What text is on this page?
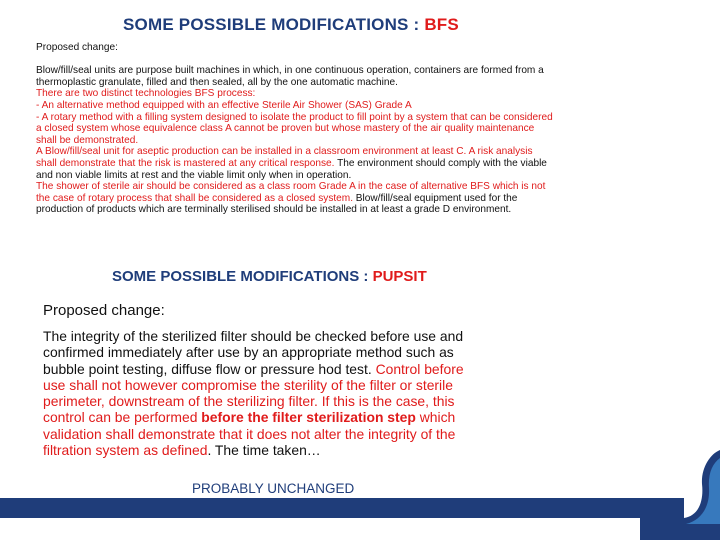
SOME POSSIBLE MODIFICATIONS : BFS

Proposed change:

Blow/fill/seal units are purpose built machines in which, in one continuous operation, containers are formed from a thermoplastic granulate, filled and then sealed, all by the one automatic machine.

There are two distinct technologies BFS process:

- An alternative method equipped with an effective Sterile Air Shower (SAS) Grade A

- A rotary method with a filling system designed to isolate the product to fill point by a system that can be considered a closed system whose equivalence class A cannot be proven but whose mastery of the air quality maintenance shall be demonstrated.

A Blow/fill/seal unit for aseptic production can be installed in a classroom environment at least C. A risk analysis shall demonstrate that the risk is mastered at any critical response. The environment should comply with the viable and non viable limits at rest and the viable limit only when in operation.

The shower of sterile air should be considered as a class room Grade A in the case of alternative BFS which is not the case of rotary process that shall be considered as a closed system. Blow/fill/seal equipment used for the production of products which are terminally sterilised should be installed in at least a grade D environment.

SOME POSSIBLE MODIFICATIONS : PUPSIT
Proposed change:
The integrity of the sterilized filter should be checked before use and confirmed immediately after use by an appropriate method such as bubble point testing, diffuse flow or pressure hod test. Control before use shall not however compromise the sterility of the filter or sterile perimeter, downstream of the sterilizing filter. If this is the case, this control can be performed before the filter sterilization step which validation shall demonstrate that it does not alter the integrity of the filtration system as defined. The time taken…
PROBABLY UNCHANGED
